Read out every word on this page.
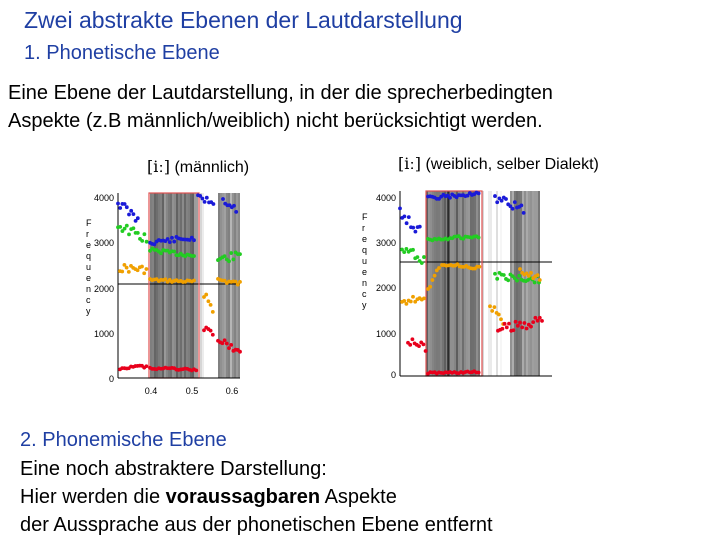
Zwei abstrakte Ebenen der Lautdarstellung
1. Phonetische Ebene
Eine Ebene der Lautdarstellung, in der die sprecherbedingten
Aspekte (z.B männlich/weiblich) nicht berücksichtigt werden.
[iː] (männlich)	[iː] (weiblich, selber Dialekt)
4000
3000
2000
1000
0
F
r
e
q
u
e
n
c
y
0.4	0.5	0.6
4000
3000
2000
1000
0
F
r
e
q
u
e
n
c
y
2. Phonemische Ebene
Eine noch abstraktere Darstellung:
Hier werden die voraussagbaren Aspekte
der Aussprache aus der phonetischen Ebene entfernt
